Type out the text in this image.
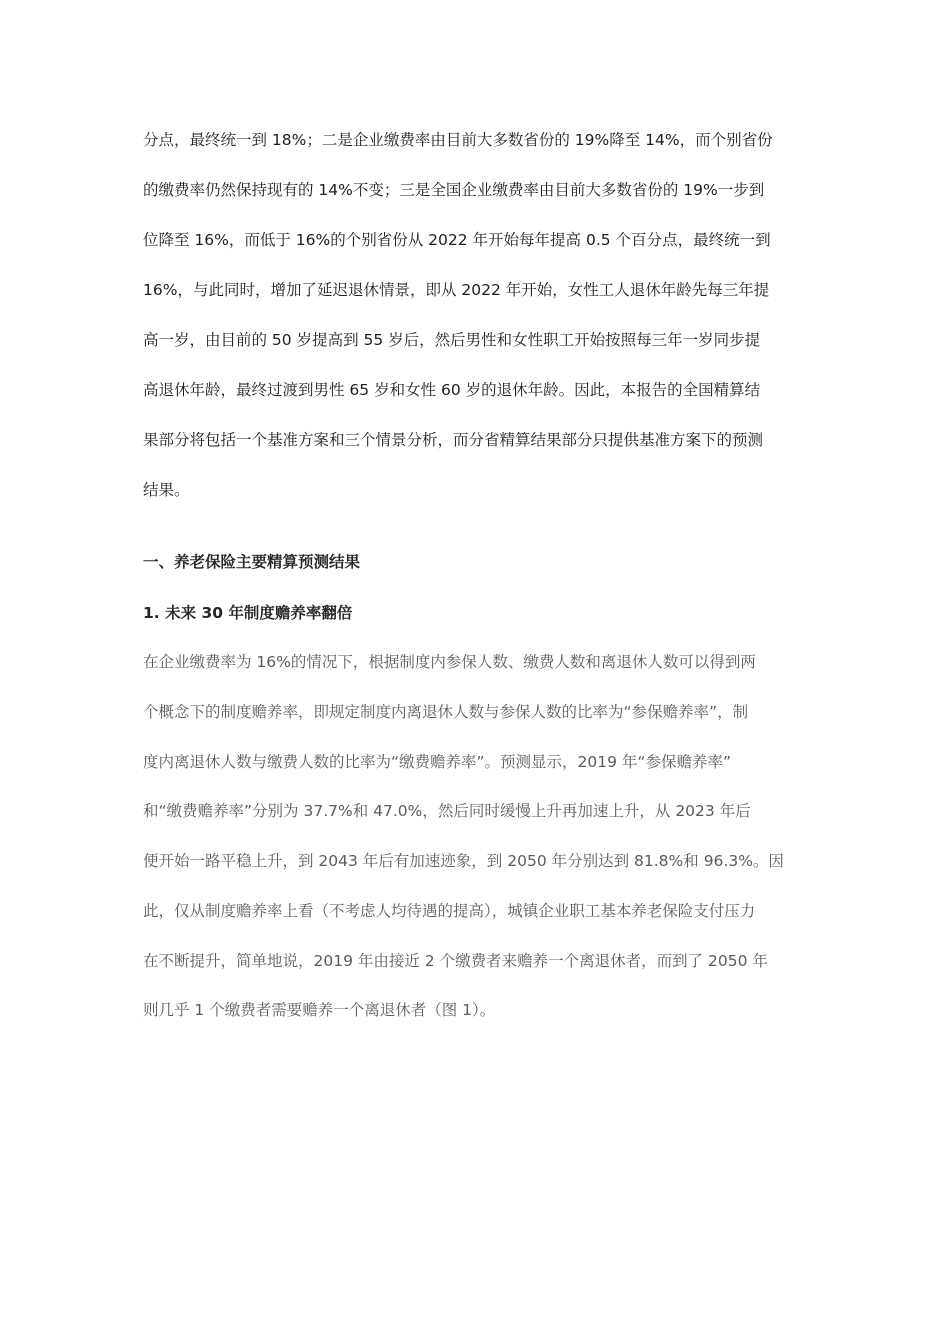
分点，最终统一到 18%；二是企业缴费率由目前大多数省份的 19%降至 14%，而个别省份

的缴费率仍然保持现有的 14%不变；三是全国企业缴费率由目前大多数省份的 19%一步到

位降至 16%，而低于 16%的个别省份从 2022 年开始每年提高 0.5 个百分点，最终统一到

16%，与此同时，增加了延迟退休情景，即从 2022 年开始，女性工人退休年龄先每三年提

高一岁，由目前的 50 岁提高到 55 岁后，然后男性和女性职工开始按照每三年一岁同步提

高退休年龄，最终过渡到男性 65 岁和女性 60 岁的退休年龄。因此，本报告的全国精算结

果部分将包括一个基准方案和三个情景分析，而分省精算结果部分只提供基准方案下的预测

结果。

一、养老保险主要精算预测结果
1. 未来 30 年制度赡养率翻倍

在企业缴费率为 16%的情况下，根据制度内参保人数、缴费人数和离退休人数可以得到两

个概念下的制度赡养率，即规定制度内离退休人数与参保人数的比率为“参保赡养率”，制

度内离退休人数与缴费人数的比率为“缴费赡养率”。预测显示，2019 年“参保赡养率”

和“缴费赡养率”分别为 37.7%和 47.0%，然后同时缓慢上升再加速上升，从 2023 年后

便开始一路平稳上升，到 2043 年后有加速迹象，到 2050 年分别达到 81.8%和 96.3%。因

此，仅从制度赡养率上看（不考虑人均待遇的提高），城镇企业职工基本养老保险支付压力

在不断提升，简单地说，2019 年由接近 2 个缴费者来赡养一个离退休者，而到了 2050 年

则几乎 1 个缴费者需要赡养一个离退休者（图 1）。
